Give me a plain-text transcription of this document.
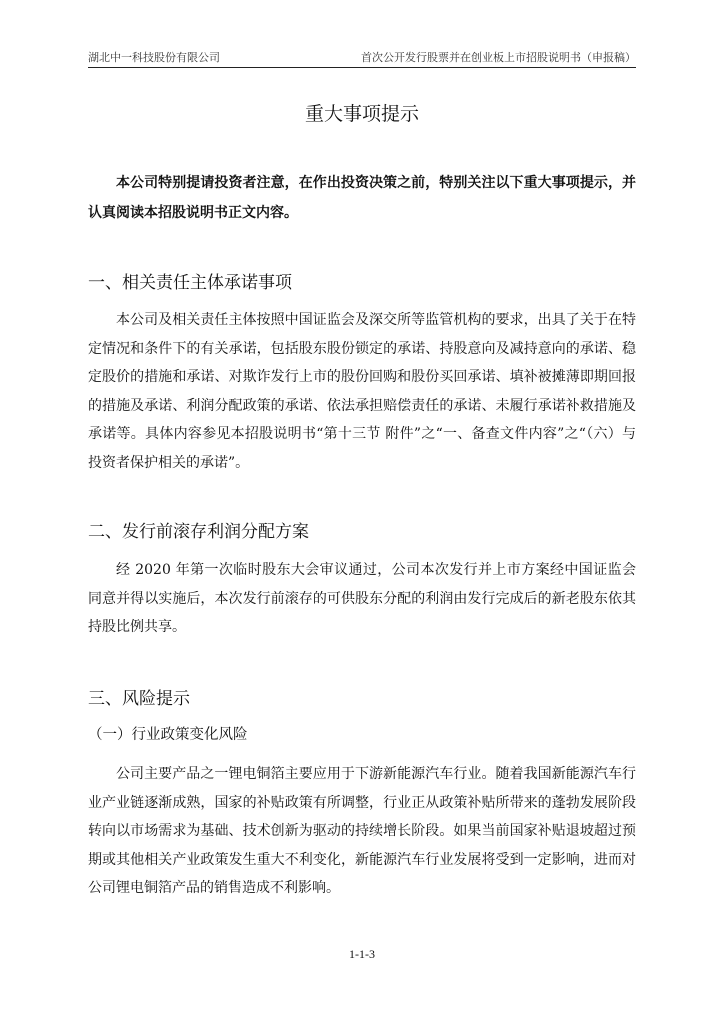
湖北中一科技股份有限公司	首次公开发行股票并在创业板上市招股说明书（申报稿）
重大事项提示
本公司特别提请投资者注意，在作出投资决策之前，特别关注以下重大事项提示，并认真阅读本招股说明书正文内容。
一、相关责任主体承诺事项
本公司及相关责任主体按照中国证监会及深交所等监管机构的要求，出具了关于在特定情况和条件下的有关承诺，包括股东股份锁定的承诺、持股意向及减持意向的承诺、稳定股价的措施和承诺、对欺诈发行上市的股份回购和股份买回承诺、填补被摊薄即期回报的措施及承诺、利润分配政策的承诺、依法承担赔偿责任的承诺、未履行承诺补救措施及承诺等。具体内容参见本招股说明书“第十三节 附件”之“一、备查文件内容”之“（六）与投资者保护相关的承诺”。
二、发行前滚存利润分配方案
经 2020 年第一次临时股东大会审议通过，公司本次发行并上市方案经中国证监会同意并得以实施后，本次发行前滚存的可供股东分配的利润由发行完成后的新老股东依其持股比例共享。
三、风险提示
（一）行业政策变化风险
公司主要产品之一锂电铜箔主要应用于下游新能源汽车行业。随着我国新能源汽车行业产业链逐渐成熟，国家的补贴政策有所调整，行业正从政策补贴所带来的蓬勃发展阶段转向以市场需求为基础、技术创新为驱动的持续增长阶段。如果当前国家补贴退坡超过预期或其他相关产业政策发生重大不利变化，新能源汽车行业发展将受到一定影响，进而对公司锂电铜箔产品的销售造成不利影响。
1-1-3
